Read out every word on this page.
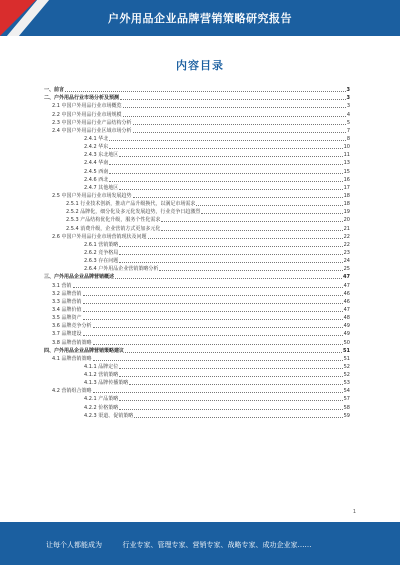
户外用品企业品牌营销策略研究报告
内容目录
一、前言	3
二、户外用品行业市场分析及预测	3
2.1 中国户外用品行业市场概览	3
2.2 中国户外用品行业市场规模	4
2.3 中国户外用品行业产品结构分析	5
2.4 中国户外用品行业区域市场分析	7
2.4.1 华北	8
2.4.2 华东	10
2.4.3 东北地区	11
2.4.4 华南	13
2.4.5 西南	15
2.4.6 西北	16
2.4.7 其他地区	17
2.5 中国户外用品行业市场发展趋势	18
2.5.1 行业技术创新，推动产品升级换代，以满足市场需求	18
2.5.2 品牌化，细分化及多元化发展趋势，行业竞争日趋激烈	19
2.5.3 产品结构优化升级，服务个性化需求	20
2.5.4 消费升级，企业营销方式更加多元化	21
2.6 中国户外用品行业市场营销现状及问题	22
2.6.1 营销策略	22
2.6.2 竞争格局	23
2.6.3 存在问题	24
2.6.4 户外用品企业营销策略分析	25
三、户外用品企业品牌营销概述	47
3.1 营销	47
3.2 品牌营销	46
3.3 品牌营销	46
3.4 品牌价值	47
3.5 品牌资产	48
3.6 品牌竞争分析	49
3.7 品牌建设	49
3.8 品牌营销策略	50
四、户外用品企业品牌营销策略建议	51
4.1 品牌营销策略	51
4.1.1 品牌定位	52
4.1.2 营销策略	52
4.1.3 品牌传播策略	53
4.2 营销组合策略	54
4.2.1 产品策略	57
4.2.2 价格策略	58
4.2.3 渠道、促销策略	59
1
让每个人都能成为	行业专家、管理专家、营销专家、战略专家、成功企业家……
